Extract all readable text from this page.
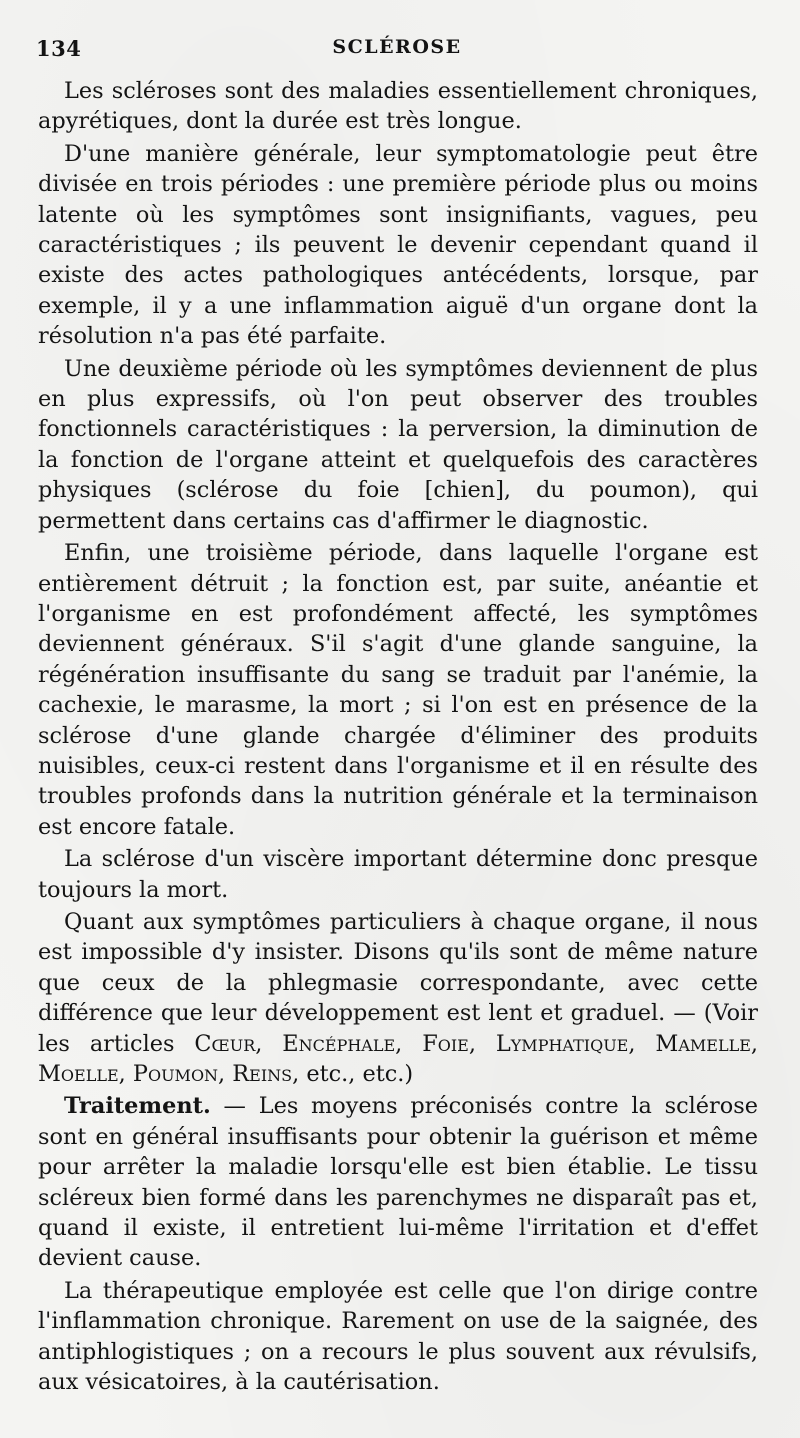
134	SCLÉROSE

Les scléroses sont des maladies essentiellement chroniques, apyrétiques, dont la durée est très longue.

D'une manière générale, leur symptomatologie peut être divisée en trois périodes : une première période plus ou moins latente où les symptômes sont insignifiants, vagues, peu caractéristiques ; ils peuvent le devenir cependant quand il existe des actes pathologiques antécédents, lorsque, par exemple, il y a une inflammation aiguë d'un organe dont la résolution n'a pas été parfaite.

Une deuxième période où les symptômes deviennent de plus en plus expressifs, où l'on peut observer des troubles fonctionnels caractéristiques : la perversion, la diminution de la fonction de l'organe atteint et quelquefois des caractères physiques (sclérose du foie [chien], du poumon), qui permettent dans certains cas d'affirmer le diagnostic.

Enfin, une troisième période, dans laquelle l'organe est entièrement détruit ; la fonction est, par suite, anéantie et l'organisme en est profondément affecté, les symptômes deviennent généraux. S'il s'agit d'une glande sanguine, la régénération insuffisante du sang se traduit par l'anémie, la cachexie, le marasme, la mort ; si l'on est en présence de la sclérose d'une glande chargée d'éliminer des produits nuisibles, ceux-ci restent dans l'organisme et il en résulte des troubles profonds dans la nutrition générale et la terminaison est encore fatale.

La sclérose d'un viscère important détermine donc presque toujours la mort.

Quant aux symptômes particuliers à chaque organe, il nous est impossible d'y insister. Disons qu'ils sont de même nature que ceux de la phlegmasie correspondante, avec cette différence que leur développement est lent et graduel. — (Voir les articles Cœur, Encéphale, Foie, Lymphatique, Mamelle, Moelle, Poumon, Reins, etc., etc.)

Traitement. — Les moyens préconisés contre la sclérose sont en général insuffisants pour obtenir la guérison et même pour arrêter la maladie lorsqu'elle est bien établie. Le tissu scléreux bien formé dans les parenchymes ne disparaît pas et, quand il existe, il entretient lui-même l'irritation et d'effet devient cause.

La thérapeutique employée est celle que l'on dirige contre l'inflammation chronique. Rarement on use de la saignée, des antiphlogistiques ; on a recours le plus souvent aux révulsifs, aux vésicatoires, à la cautérisation.
